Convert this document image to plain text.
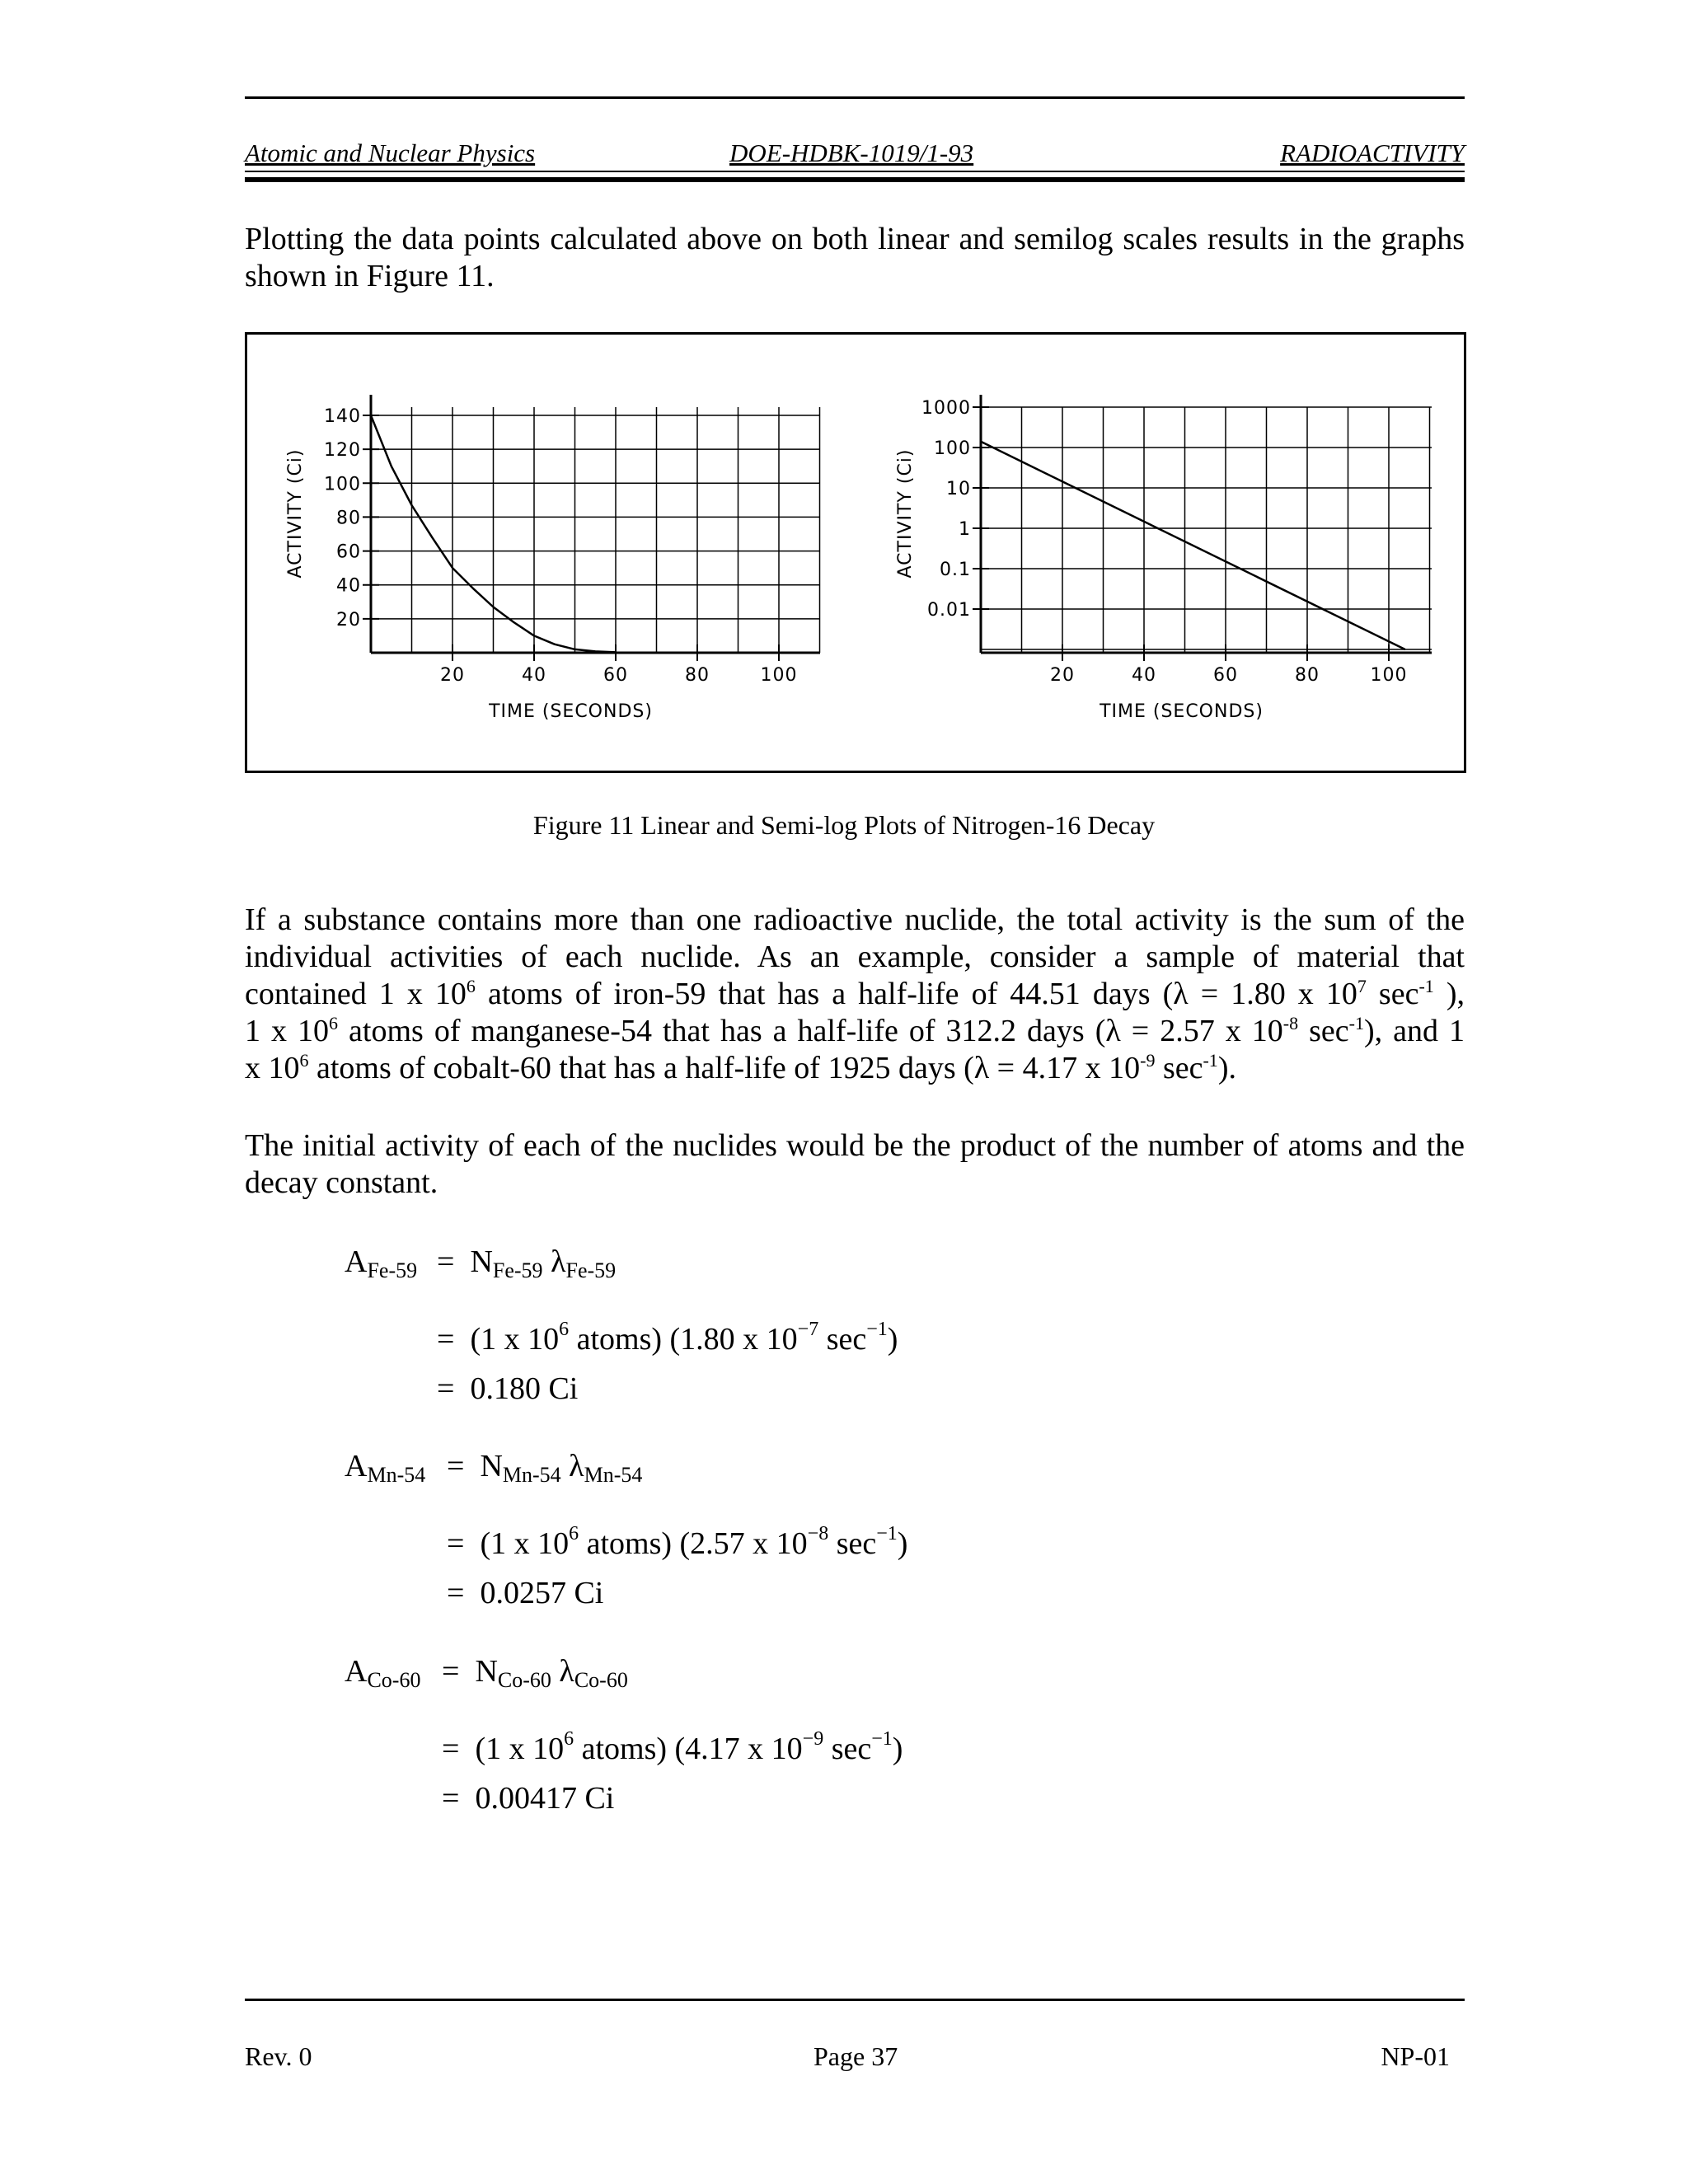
Atomic and Nuclear Physics	DOE-HDBK-1019/1-93	RADIOACTIVITY

Plotting the data points calculated above on both linear and semilog scales results in the graphs shown in Figure 11.

20
40
60
80
100
120
140
20	40	60	80	100
TIME (SECONDS)
ACTIVITY (Ci)
0.01
0.1
1
10
100
1000
20	40	60	80	100
TIME (SECONDS)
ACTIVITY (Ci)
Figure 11 Linear and Semi-log Plots of Nitrogen-16 Decay
If a substance contains more than one radioactive nuclide, the total activity is the sum of the
individual activities of each nuclide. As an example, consider a sample of material that
contained 1 x $10^6$ atoms of iron-59 that has a half-life of 44.51 days (λ = 1.80 x $10^7$ $\sec^{-1}$ ),
1 x $10^6$ atoms of manganese-54 that has a half-life of 312.2 days (λ = 2.57 x $10^{-8}$ $\sec^{-1}$), and 1
x $10^6$ atoms of cobalt-60 that has a half-life of 1925 days (λ = 4.17 x $10^{-9}$ $\sec^{-1}$).

The initial activity of each of the nuclides would be the product of the number of atoms and the decay constant.

$A_{Fe-59} = N_{Fe-59}$ $\lambda_{Fe-59}$
= (1 x $10^6$ atoms) (1.80 x $10^{-7}$ $\sec^{-1}$)
= 0.180 Ci
$A_{Mn-54} = N_{Mn-54}$ $\lambda_{Mn-54}$
= (1 x $10^6$ atoms) (2.57 x $10^{-8}$ $\sec^{-1}$)
= 0.0257 Ci
$A_{Co-60} = N_{Co-60}$ $\lambda_{Co-60}$
= (1 x $10^6$ atoms) (4.17 x $10^{-9}$ $\sec^{-1}$)
= 0.00417 Ci
Rev. 0	Page 37	NP-01
